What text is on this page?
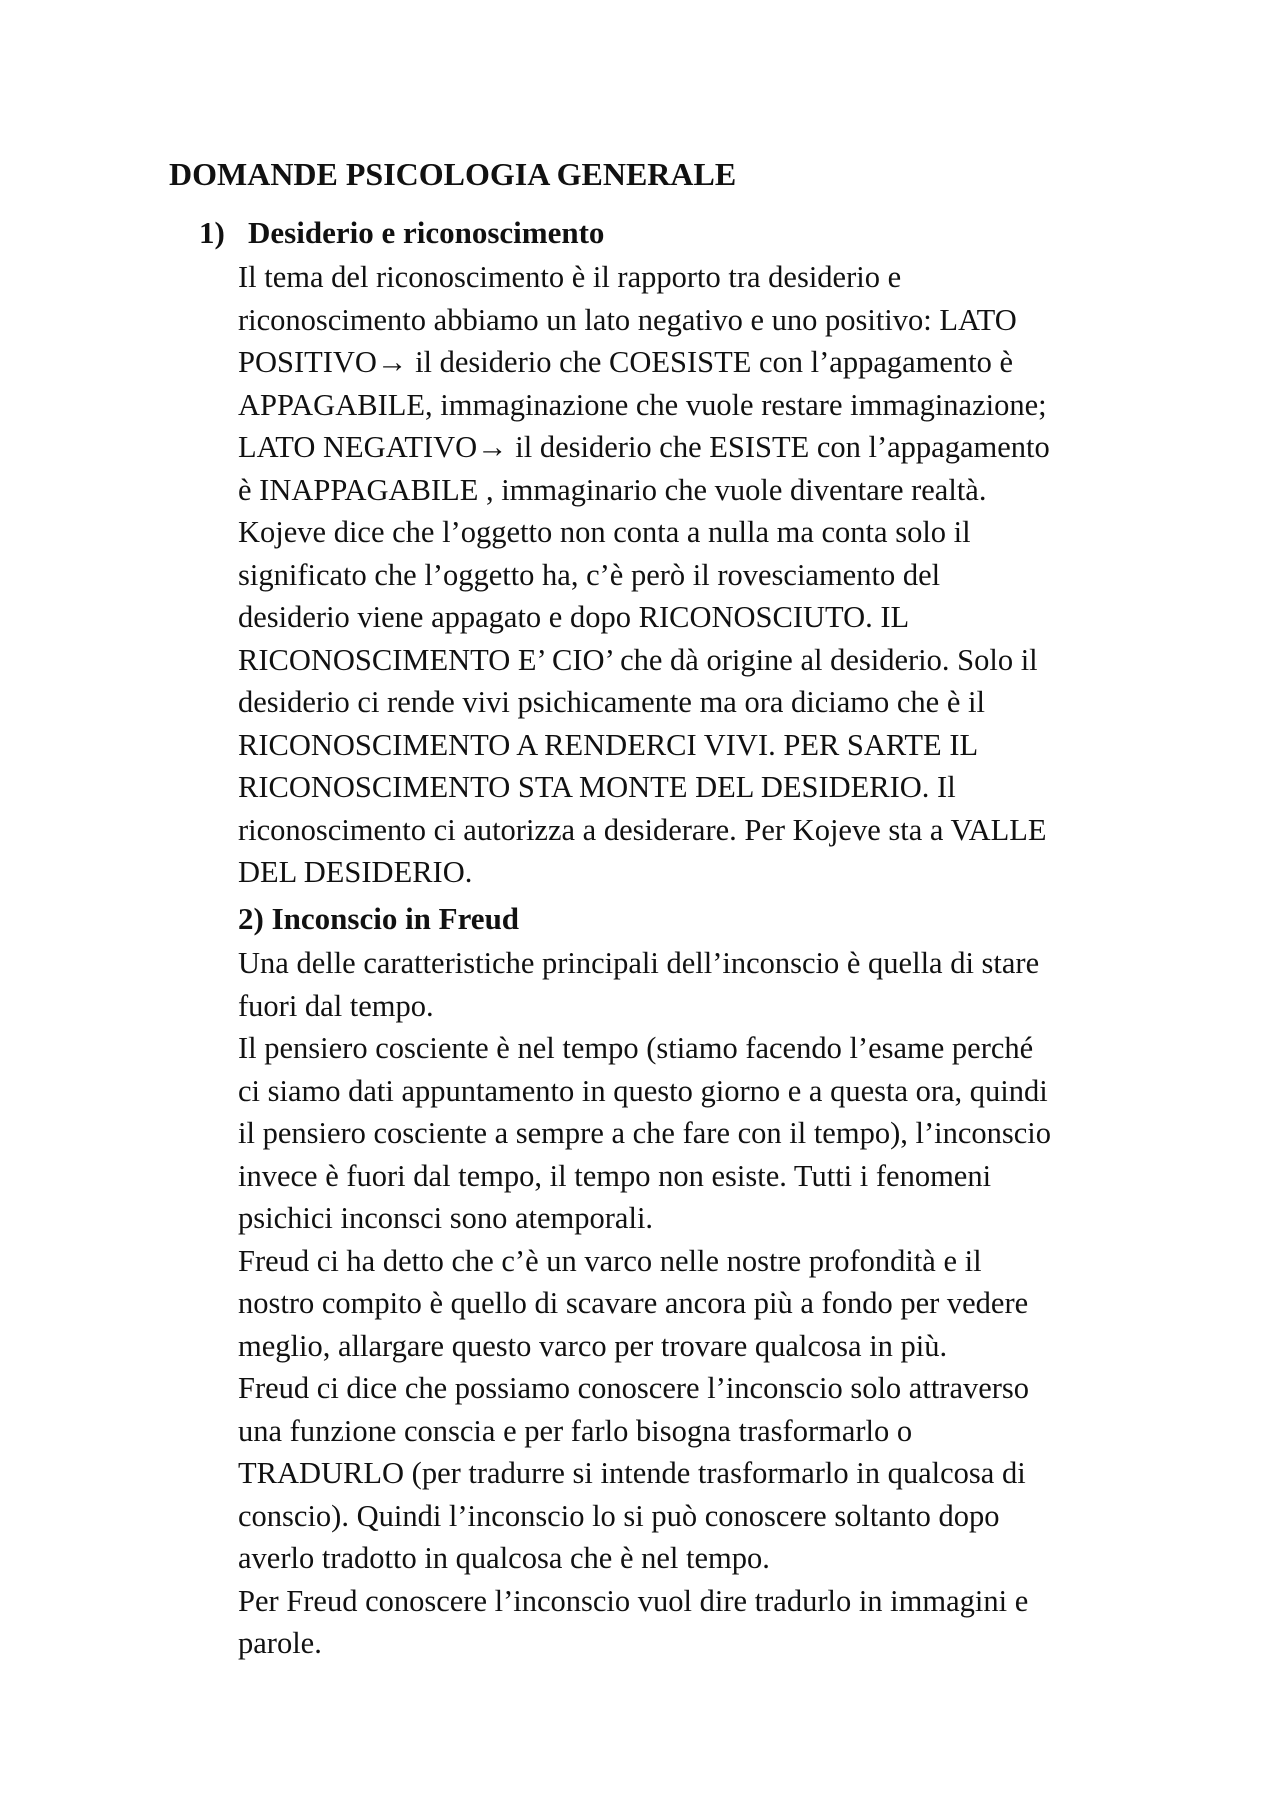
DOMANDE PSICOLOGIA GENERALE
1) Desiderio e riconoscimento
Il tema del riconoscimento è il rapporto tra desiderio e
riconoscimento abbiamo un lato negativo e uno positivo: LATO
POSITIVO→ il desiderio che COESISTE con l’appagamento è
APPAGABILE, immaginazione che vuole restare immaginazione;
LATO NEGATIVO→ il desiderio che ESISTE con l’appagamento
è INAPPAGABILE , immaginario che vuole diventare realtà.
Kojeve dice che l’oggetto non conta a nulla ma conta solo il
significato che l’oggetto ha, c’è però il rovesciamento del
desiderio viene appagato e dopo RICONOSCIUTO. IL
RICONOSCIMENTO E’ CIO’ che dà origine al desiderio. Solo il
desiderio ci rende vivi psichicamente ma ora diciamo che è il
RICONOSCIMENTO A RENDERCI VIVI. PER SARTE IL
RICONOSCIMENTO STA MONTE DEL DESIDERIO. Il
riconoscimento ci autorizza a desiderare. Per Kojeve sta a VALLE
DEL DESIDERIO.
2) Inconscio in Freud
Una delle caratteristiche principali dell’inconscio è quella di stare
fuori dal tempo.
Il pensiero cosciente è nel tempo (stiamo facendo l’esame perché
ci siamo dati appuntamento in questo giorno e a questa ora, quindi
il pensiero cosciente a sempre a che fare con il tempo), l’inconscio
invece è fuori dal tempo, il tempo non esiste. Tutti i fenomeni
psichici inconsci sono atemporali.
Freud ci ha detto che c’è un varco nelle nostre profondità e il
nostro compito è quello di scavare ancora più a fondo per vedere
meglio, allargare questo varco per trovare qualcosa in più.
Freud ci dice che possiamo conoscere l’inconscio solo attraverso
una funzione conscia e per farlo bisogna trasformarlo o
TRADURLO (per tradurre si intende trasformarlo in qualcosa di
conscio). Quindi l’inconscio lo si può conoscere soltanto dopo
averlo tradotto in qualcosa che è nel tempo.
Per Freud conoscere l’inconscio vuol dire tradurlo in immagini e
parole.
